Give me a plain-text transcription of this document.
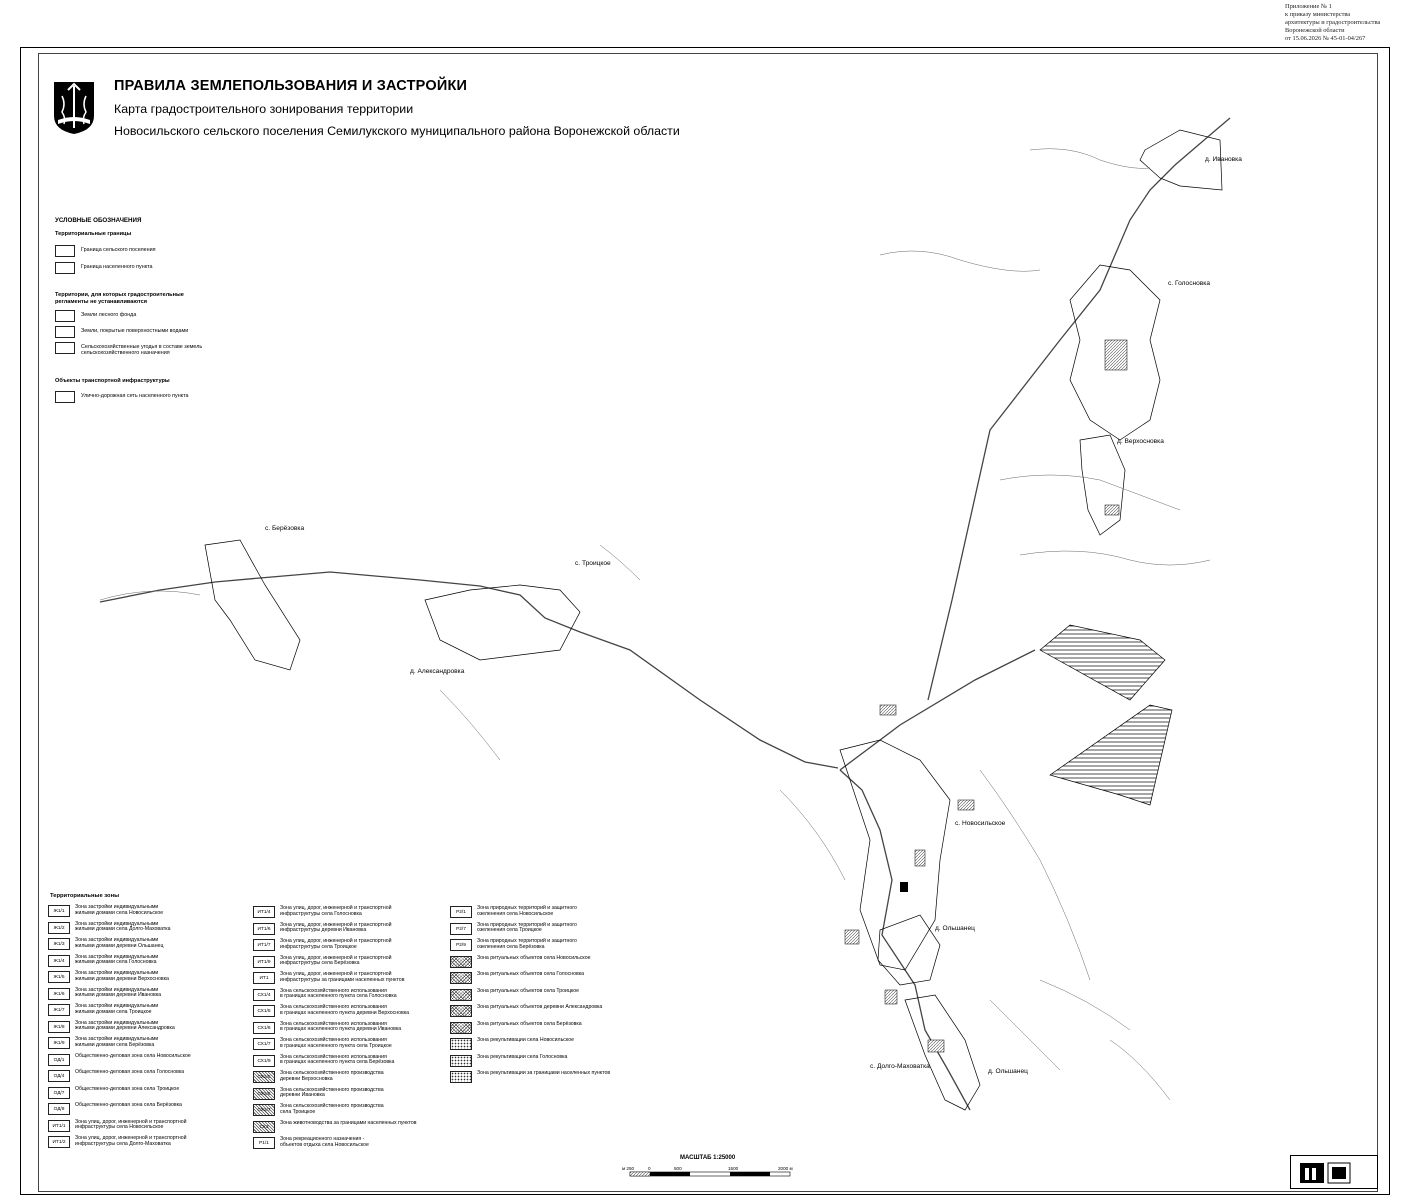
Приложение № 1
к приказу министерства
архитектуры и градостроительства
Воронежской области
от 15.06.2026 № 45-01-04/267
ПРАВИЛА ЗЕМЛЕПОЛЬЗОВАНИЯ И ЗАСТРОЙКИ
Карта градостроительного зонирования территории
Новосильского сельского поселения Семилукского муниципального района Воронежской области
д. Ивановка
с. Голосновка
д. Верхосновка
с. Берёзовка
с. Троицкое
д. Александровка
с. Новосильское
д. Ольшанец
с. Долго-Маховатка
д. Ольшанец
УСЛОВНЫЕ ОБОЗНАЧЕНИЯ
Территориальные границы
Граница сельского поселения
Граница населенного пункта
Территории, для которых градостроительные регламенты не устанавливаются
Земли лесного фонда
Земли, покрытые поверхностными водами
Сельскохозяйственные угодья в составе земель
сельскохозяйственного назначения
Объекты транспортной инфраструктуры
Улично-дорожная сеть населенного пункта
Территориальные зоны
Ж1/1
Зона застройки индивидуальными
жилыми домами села Новосильское
Ж1/2
Зона застройки индивидуальными
жилыми домами села Долго-Маховатка
Ж1/3
Зона застройки индивидуальными
жилыми домами деревни Ольшанец
Ж1/4
Зона застройки индивидуальными
жилыми домами села Голосновка
Ж1/5
Зона застройки индивидуальными
жилыми домами деревни Верхосновка
Ж1/6
Зона застройки индивидуальными
жилыми домами деревни Ивановка
Ж1/7
Зона застройки индивидуальными
жилыми домами села Троицкое
Ж1/8
Зона застройки индивидуальными
жилыми домами деревни Александровка
Ж1/9
Зона застройки индивидуальными
жилыми домами села Берёзовка
ОД/1
Общественно-деловая зона села Новосильское
ОД/4
Общественно-деловая зона села Голосновка
ОД/7
Общественно-деловая зона села Троицкое
ОД/9
Общественно-деловая зона села Берёзовка
ИТ1/1
Зона улиц, дорог, инженерной и транспортной
инфраструктуры села Новосильское
ИТ1/2
Зона улиц, дорог, инженерной и транспортной
инфраструктуры села Долго-Маховатка
ИТ1/4
Зона улиц, дорог, инженерной и транспортной
инфраструктуры села Голосновка
ИТ1/6
Зона улиц, дорог, инженерной и транспортной
инфраструктуры деревни Ивановка
ИТ1/7
Зона улиц, дорог, инженерной и транспортной
инфраструктуры села Троицкое
ИТ1/9
Зона улиц, дорог, инженерной и транспортной
инфраструктуры села Берёзовка
ИТ1
Зона улиц, дорог, инженерной и транспортной
инфраструктуры за границами населенных пунктов
СХ1/4
Зона сельскохозяйственного использования
в границах населенного пункта села Голосновка
СХ1/5
Зона сельскохозяйственного использования
в границах населенного пункта деревни Верхосновка
СХ1/6
Зона сельскохозяйственного использования
в границах населенного пункта деревни Ивановка
СХ1/7
Зона сельскохозяйственного использования
в границах населенного пункта села Троицкое
СХ1/9
Зона сельскохозяйственного использования
в границах населенного пункта села Берёзовка
СХ2/5
Зона сельскохозяйственного производства
деревни Верхосновка
СХ2/6
Зона сельскохозяйственного производства
деревни Ивановка
СХ2/7
Зона сельскохозяйственного производства
села Троицкое
СХ3
Зона животноводства за границами населенных пунктов
Р1/1
Зона рекреационного назначения -
объектов отдыха села Новосильское
Р2/1
Зона природных территорий и защитного
озеленения села Новосильское
Р2/7
Зона природных территорий и защитного
озеленения села Троицкое
Р2/9
Зона природных территорий и защитного
озеленения села Берёзовка
Зона ритуальных объектов села Новосильское
Зона ритуальных объектов села Голосновка
Зона ритуальных объектов села Троицкое
Зона ритуальных объектов деревни Александровка
Зона ритуальных объектов села Берёзовка
Зона рекультивации села Новосильское
Зона рекультивации села Голосновка
Зона рекультивации за границами населенных пунктов
МАСШТАБ 1:25000
м 250	0	500	1500	2000 м
